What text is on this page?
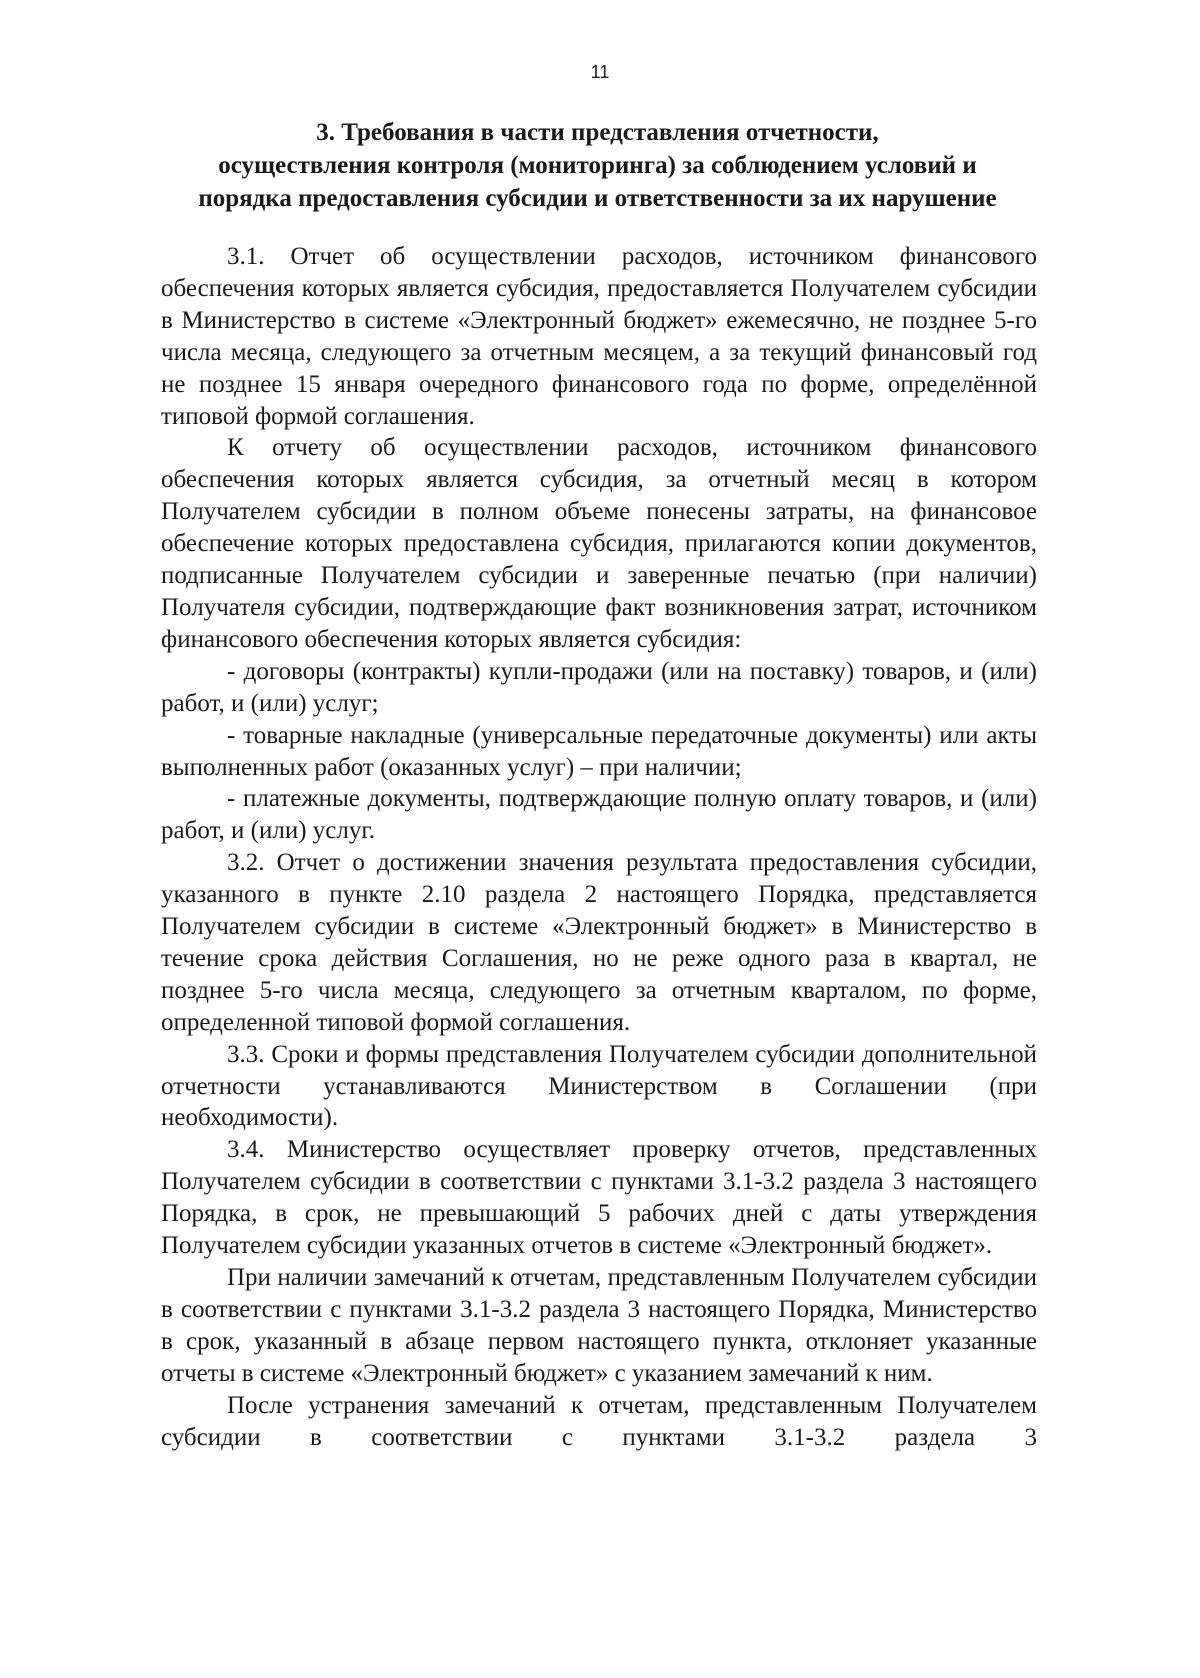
11
3. Требования в части представления отчетности,
осуществления контроля (мониторинга) за соблюдением условий и
порядка предоставления субсидии и ответственности за их нарушение

3.1. Отчет об осуществлении расходов, источником финансового обеспечения которых является субсидия, предоставляется Получателем субсидии в Министерство в системе «Электронный бюджет» ежемесячно, не позднее 5-го числа месяца, следующего за отчетным месяцем, а за текущий финансовый год не позднее 15 января очередного финансового года по форме, определённой типовой формой соглашения.

К отчету об осуществлении расходов, источником финансового обеспечения которых является субсидия, за отчетный месяц в котором Получателем субсидии в полном объеме понесены затраты, на финансовое обеспечение которых предоставлена субсидия, прилагаются копии документов, подписанные Получателем субсидии и заверенные печатью (при наличии) Получателя субсидии, подтверждающие факт возникновения затрат, источником финансового обеспечения которых является субсидия:

- договоры (контракты) купли-продажи (или на поставку) товаров, и (или) работ, и (или) услуг;

- товарные накладные (универсальные передаточные документы) или акты выполненных работ (оказанных услуг) – при наличии;

- платежные документы, подтверждающие полную оплату товаров, и (или) работ, и (или) услуг.

3.2. Отчет о достижении значения результата предоставления субсидии, указанного в пункте 2.10 раздела 2 настоящего Порядка, представляется Получателем субсидии в системе «Электронный бюджет» в Министерство в течение срока действия Соглашения, но не реже одного раза в квартал, не позднее 5-го числа месяца, следующего за отчетным кварталом, по форме, определенной типовой формой соглашения.

3.3. Сроки и формы представления Получателем субсидии дополнительной отчетности устанавливаются Министерством в Соглашении (при необходимости).

3.4. Министерство осуществляет проверку отчетов, представленных Получателем субсидии в соответствии с пунктами 3.1-3.2 раздела 3 настоящего Порядка, в срок, не превышающий 5 рабочих дней с даты утверждения Получателем субсидии указанных отчетов в системе «Электронный бюджет».

При наличии замечаний к отчетам, представленным Получателем субсидии в соответствии с пунктами 3.1-3.2 раздела 3 настоящего Порядка, Министерство в срок, указанный в абзаце первом настоящего пункта, отклоняет указанные отчеты в системе «Электронный бюджет» с указанием замечаний к ним.

После устранения замечаний к отчетам, представленным Получателем субсидии в соответствии с пунктами 3.1-3.2 раздела 3
